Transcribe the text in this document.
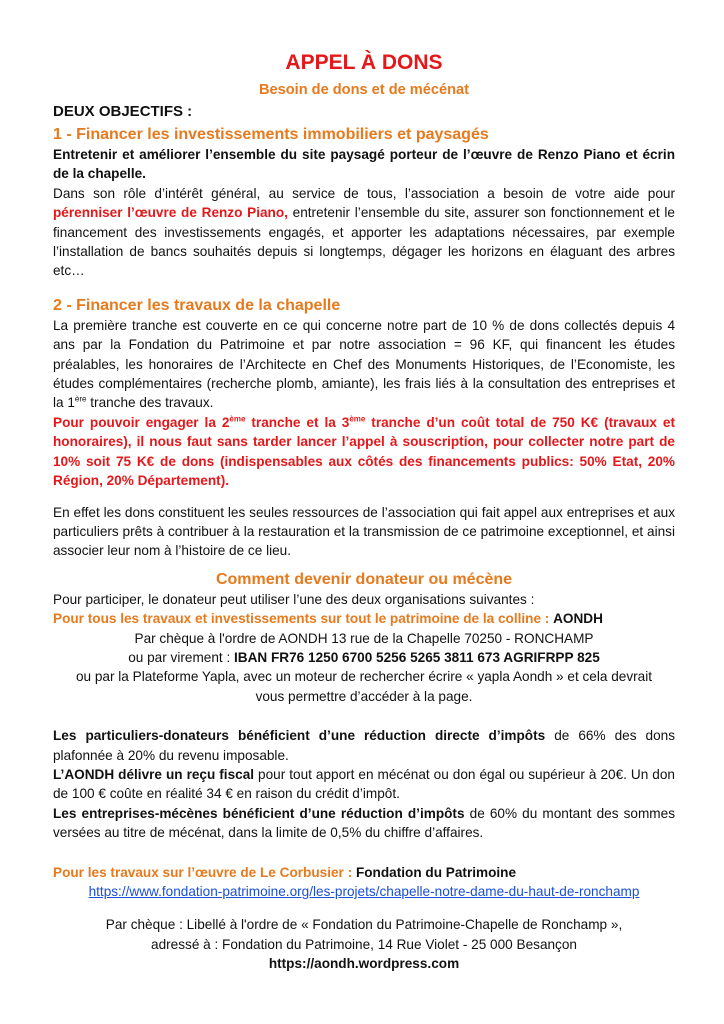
APPEL À DONS
Besoin de dons et de mécénat
DEUX OBJECTIFS :
1 - Financer les investissements immobiliers et paysagés

Entretenir et améliorer l’ensemble du site paysagé porteur de l’œuvre de Renzo Piano et écrin de la chapelle.

Dans son rôle d’intérêt général, au service de tous, l’association a besoin de votre aide pour pérenniser l’œuvre de Renzo Piano, entretenir l’ensemble du site, assurer son fonctionnement et le financement des investissements engagés, et apporter les adaptations nécessaires, par exemple l’installation de bancs souhaités depuis si longtemps, dégager les horizons en élaguant des arbres etc…

2 - Financer les travaux de la chapelle

La première tranche est couverte en ce qui concerne notre part de 10 % de dons collectés depuis 4 ans par la Fondation du Patrimoine et par notre association = 96 KF, qui financent les études préalables, les honoraires de l’Architecte en Chef des Monuments Historiques, de l’Economiste, les études complémentaires (recherche plomb, amiante), les frais liés à la consultation des entreprises et la 1ère tranche des travaux.

Pour pouvoir engager la 2ème tranche et la 3ème tranche d’un coût total de 750 K€ (travaux et honoraires), il nous faut sans tarder lancer l’appel à souscription, pour collecter notre part de 10% soit 75 K€ de dons (indispensables aux côtés des financements publics: 50% Etat, 20% Région, 20% Département).

En effet les dons constituent les seules ressources de l’association qui fait appel aux entreprises et aux particuliers prêts à contribuer à la restauration et la transmission de ce patrimoine exceptionnel, et ainsi associer leur nom à l’histoire de ce lieu.

Comment devenir donateur ou mécène

Pour participer, le donateur peut utiliser l’une des deux organisations suivantes :

Pour tous les travaux et investissements sur tout le patrimoine de la colline : AONDH

Par chèque à l'ordre de AONDH 13 rue de la Chapelle 70250 - RONCHAMP

ou par virement : IBAN FR76 1250 6700 5256 5265 3811 673 AGRIFRPP 825

ou par la Plateforme Yapla, avec un moteur de rechercher écrire « yapla Aondh » et cela devrait vous permettre d’accéder à la page.

Les particuliers-donateurs bénéficient d’une réduction directe d’impôts de 66% des dons plafonnée à 20% du revenu imposable.

L’AONDH délivre un reçu fiscal pour tout apport en mécénat ou don égal ou supérieur à 20€. Un don de 100 € coûte en réalité 34 € en raison du crédit d’impôt.

Les entreprises-mécènes bénéficient d’une réduction d’impôts de 60% du montant des sommes versées au titre de mécénat, dans la limite de 0,5% du chiffre d’affaires.

Pour les travaux sur l’œuvre de Le Corbusier : Fondation du Patrimoine

https://www.fondation-patrimoine.org/les-projets/chapelle-notre-dame-du-haut-de-ronchamp

Par chèque : Libellé à l'ordre de « Fondation du Patrimoine-Chapelle de Ronchamp »,

adressé à : Fondation du Patrimoine, 14 Rue Violet - 25 000 Besançon

https://aondh.wordpress.com
